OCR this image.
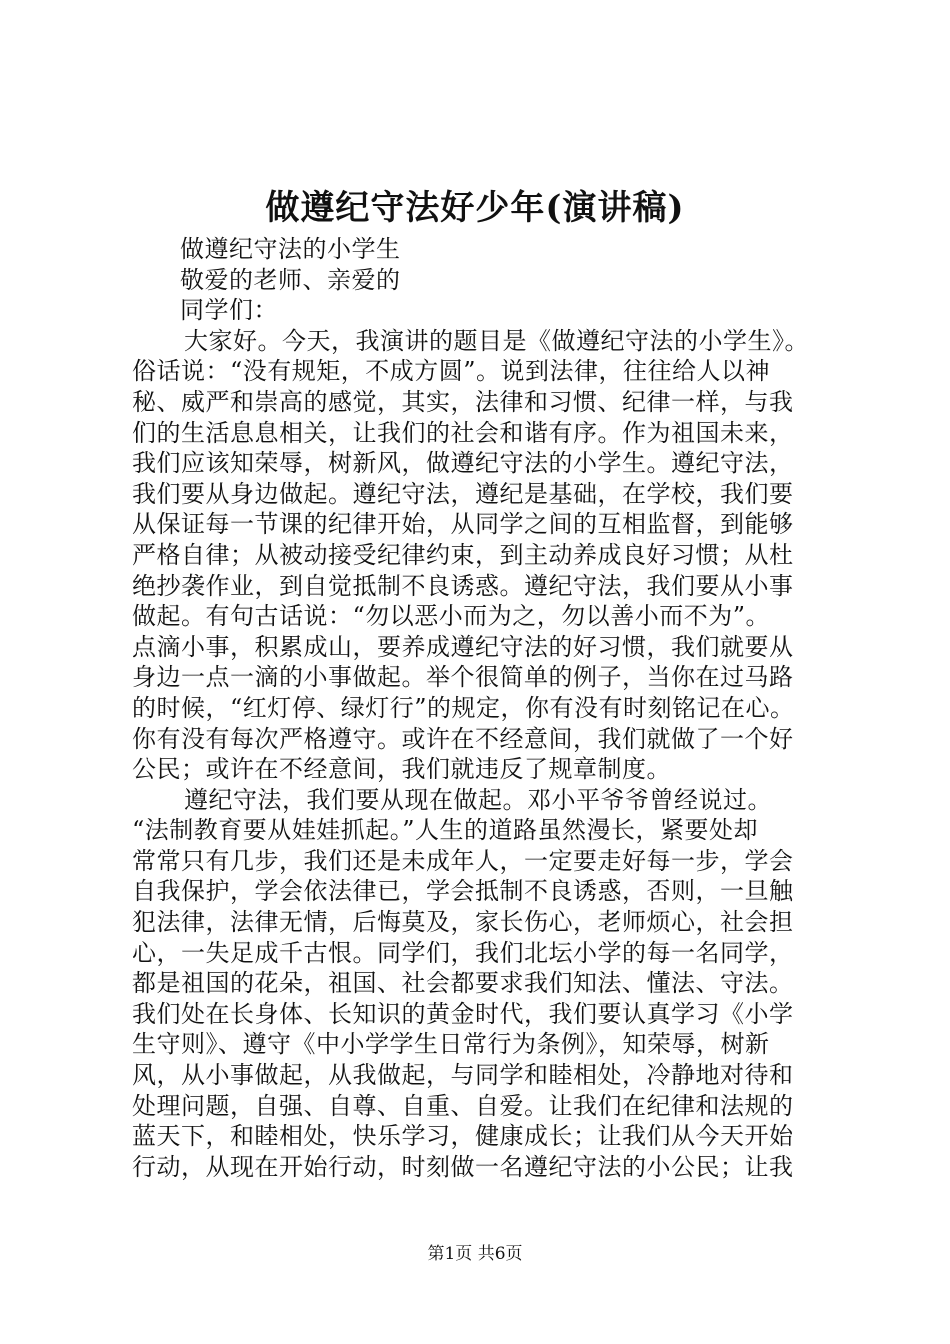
做遵纪守法好少年(演讲稿)
做遵纪守法的小学生
敬爱的老师、亲爱的
同学们：
大家好。今天，我演讲的题目是《做遵纪守法的小学生》。
俗话说：“没有规矩，不成方圆”。说到法律，往往给人以神
秘、威严和崇高的感觉，其实，法律和习惯、纪律一样，与我
们的生活息息相关，让我们的社会和谐有序。作为祖国未来，
我们应该知荣辱，树新风，做遵纪守法的小学生。遵纪守法，
我们要从身边做起。遵纪守法，遵纪是基础，在学校，我们要
从保证每一节课的纪律开始，从同学之间的互相监督，到能够
严格自律；从被动接受纪律约束，到主动养成良好习惯；从杜
绝抄袭作业，到自觉抵制不良诱惑。遵纪守法，我们要从小事
做起。有句古话说：“勿以恶小而为之，勿以善小而不为”。
点滴小事，积累成山，要养成遵纪守法的好习惯，我们就要从
身边一点一滴的小事做起。举个很简单的例子，当你在过马路
的时候，“红灯停、绿灯行”的规定，你有没有时刻铭记在心。
你有没有每次严格遵守。或许在不经意间，我们就做了一个好
公民；或许在不经意间，我们就违反了规章制度。
遵纪守法，我们要从现在做起。邓小平爷爷曾经说过。
“法制教育要从娃娃抓起。”人生的道路虽然漫长，紧要处却
常常只有几步，我们还是未成年人，一定要走好每一步，学会
自我保护，学会依法律已，学会抵制不良诱惑，否则，一旦触
犯法律，法律无情，后悔莫及，家长伤心，老师烦心，社会担
心，一失足成千古恨。同学们，我们北坛小学的每一名同学，
都是祖国的花朵，祖国、社会都要求我们知法、懂法、守法。
我们处在长身体、长知识的黄金时代，我们要认真学习《小学
生守则》、遵守《中小学学生日常行为条例》，知荣辱，树新
风，从小事做起，从我做起，与同学和睦相处，冷静地对待和
处理问题，自强、自尊、自重、自爱。让我们在纪律和法规的
蓝天下，和睦相处，快乐学习，健康成长；让我们从今天开始
行动，从现在开始行动，时刻做一名遵纪守法的小公民；让我
第1页 共6页
